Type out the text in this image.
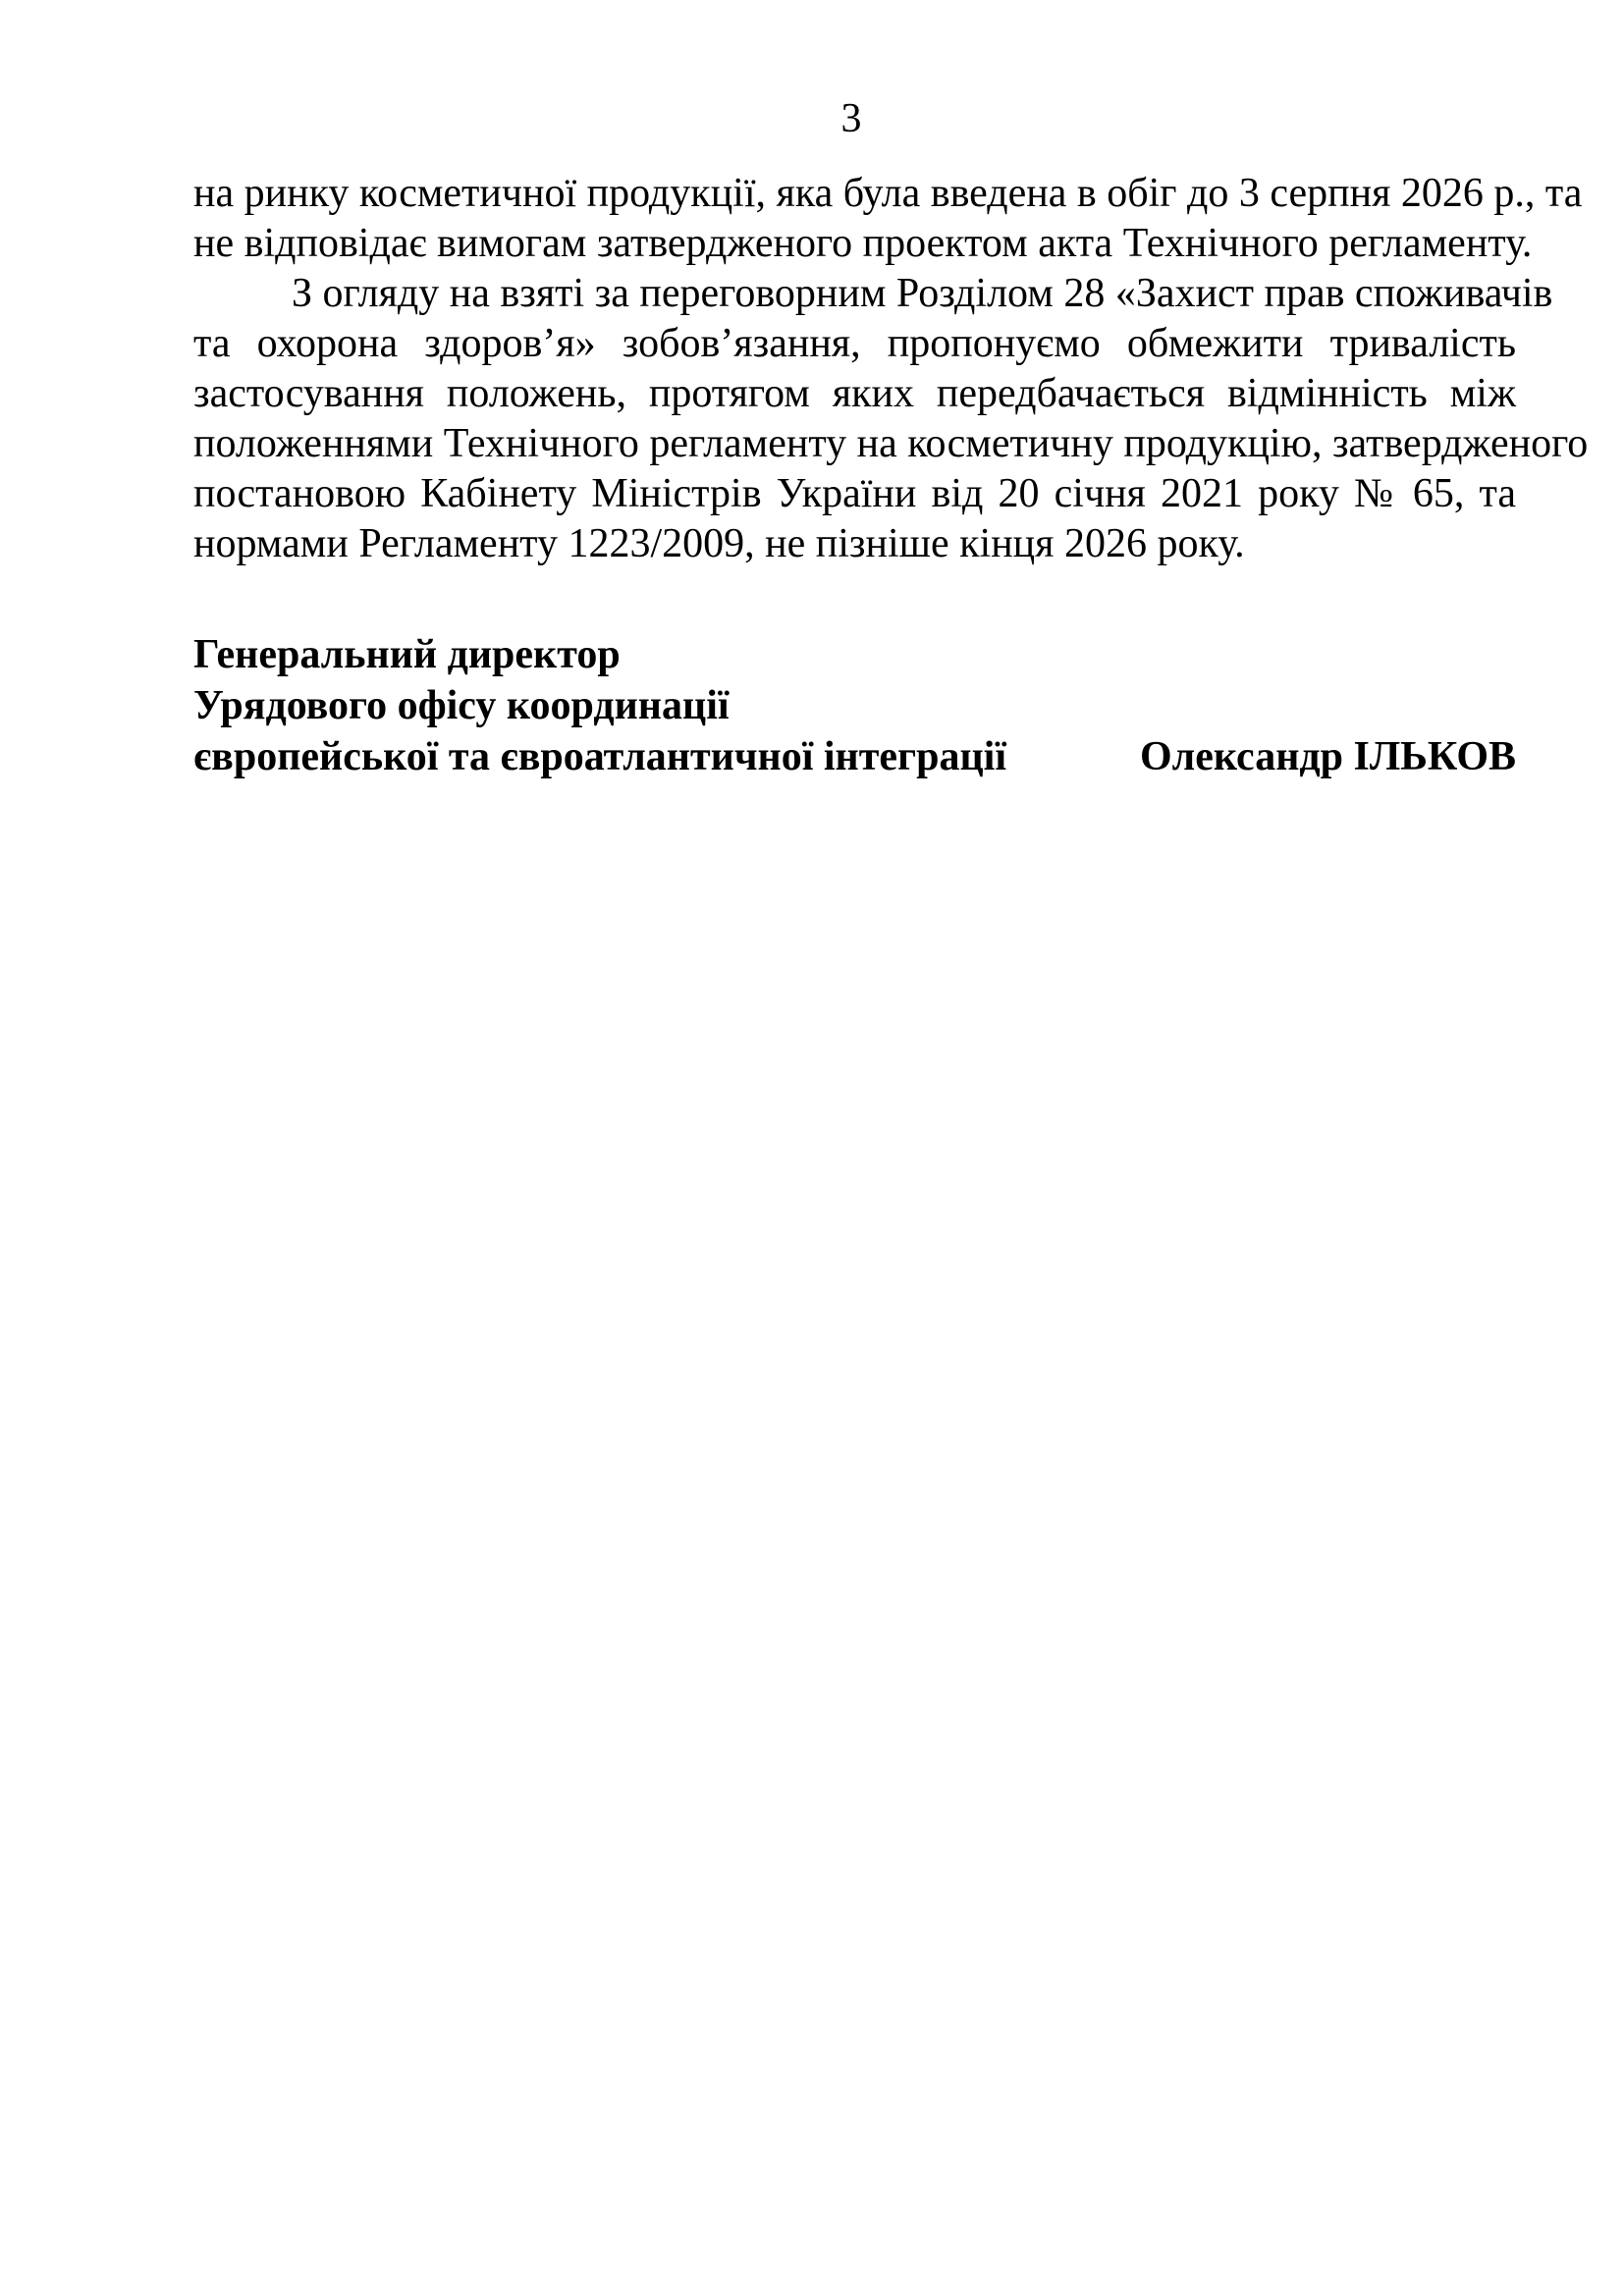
3
на ринку косметичної продукції, яка була введена в обіг до 3 серпня 2026 р., та
не відповідає вимогам затвердженого проектом акта Технічного регламенту.
З огляду на взяті за переговорним Розділом 28 «Захист прав споживачів
та охорона здоров’я» зобов’язання, пропонуємо обмежити тривалість
застосування положень, протягом яких передбачається відмінність між
положеннями Технічного регламенту на косметичну продукцію, затвердженого
постановою Кабінету Міністрів України від 20 січня 2021 року № 65, та
нормами Регламенту 1223/2009, не пізніше кінця 2026 року.
Генеральний директор
Урядового офісу координації
європейської та євроатлантичної інтеграції	Олександр ІЛЬКОВ
